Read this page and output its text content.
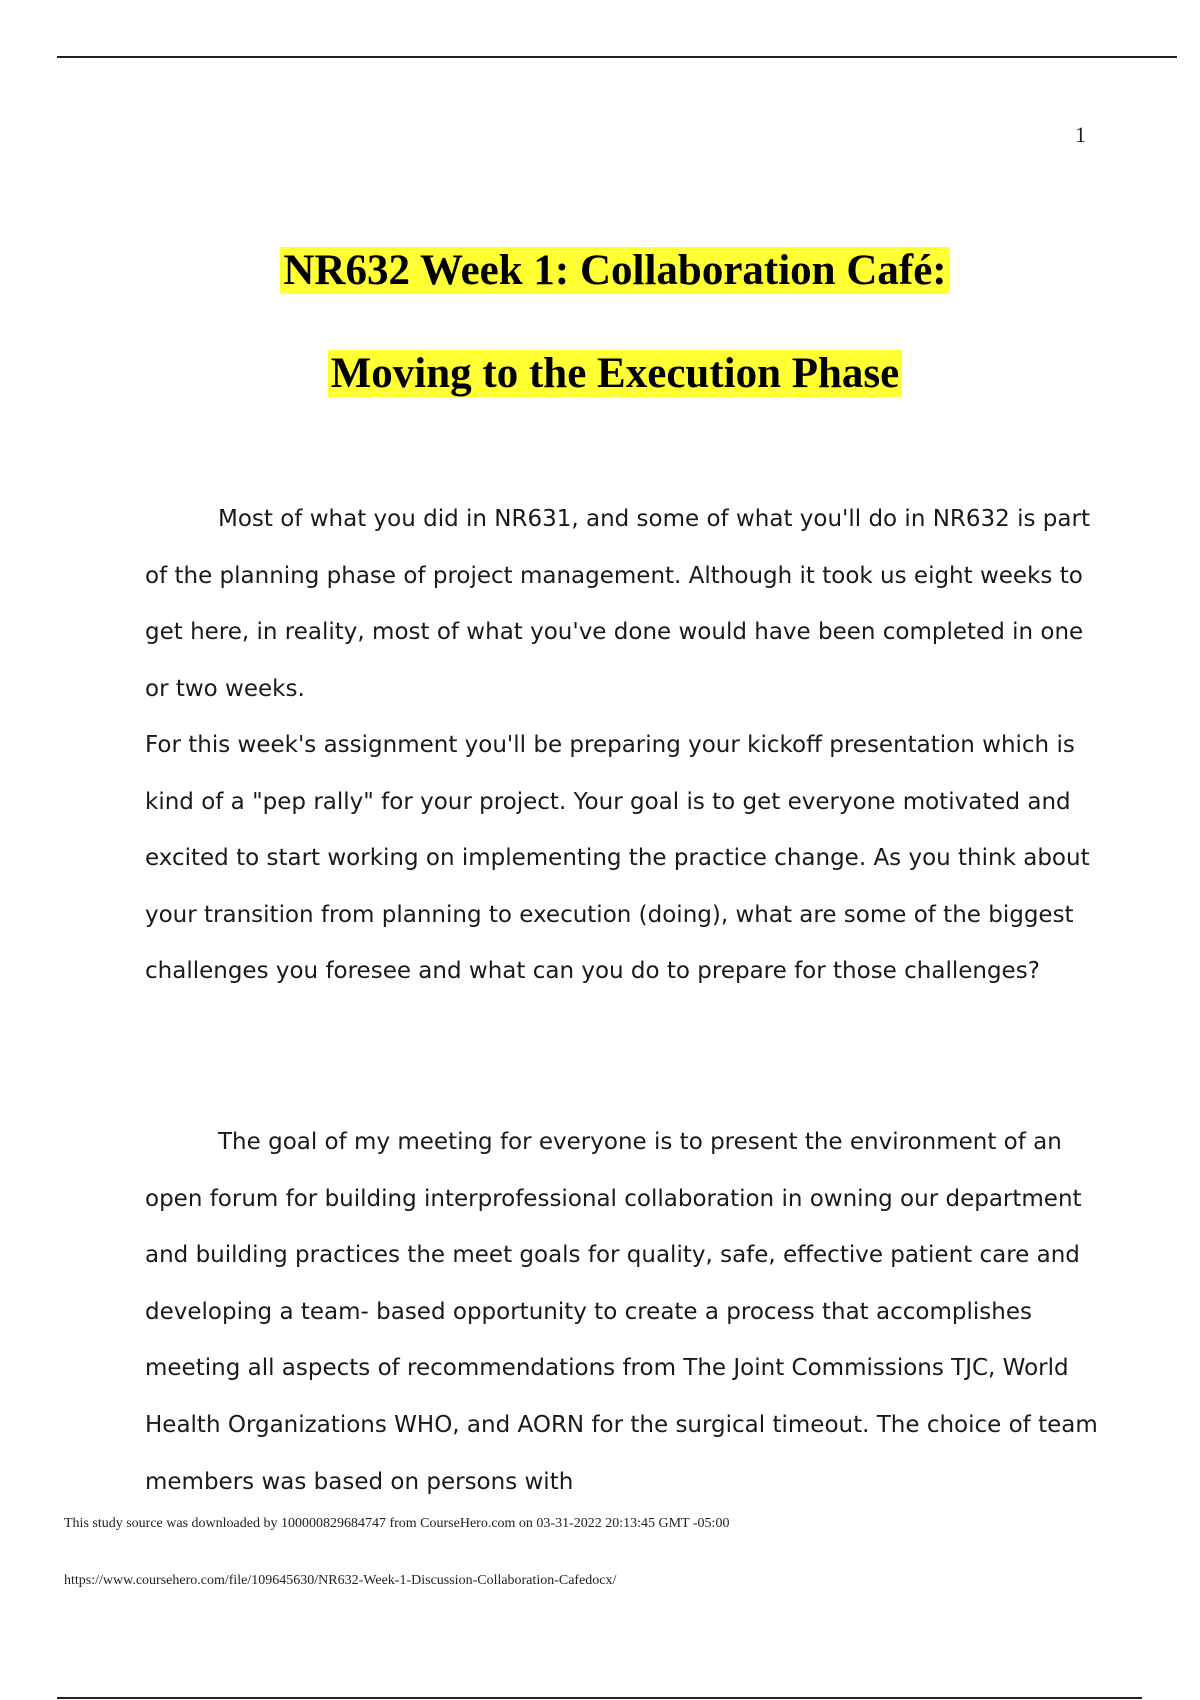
1
NR632 Week 1: Collaboration Café:
Moving to the Execution Phase

Most of what you did in NR631, and some of what you'll do in NR632 is part of the planning phase of project management. Although it took us eight weeks to get here, in reality, most of what you've done would have been completed in one or two weeks.

For this week's assignment you'll be preparing your kickoff presentation which is kind of a "pep rally" for your project. Your goal is to get everyone motivated and excited to start working on implementing the practice change. As you think about your transition from planning to execution (doing), what are some of the biggest challenges you foresee and what can you do to prepare for those challenges?

The goal of my meeting for everyone is to present the environment of an open forum for building interprofessional collaboration in owning our department and building practices the meet goals for quality, safe, effective patient care and developing a team- based opportunity to create a process that accomplishes meeting all aspects of recommendations from The Joint Commissions TJC, World Health Organizations WHO, and AORN for the surgical timeout. The choice of team members was based on persons with

This study source was downloaded by 100000829684747 from CourseHero.com on 03-31-2022 20:13:45 GMT -05:00
https://www.coursehero.com/file/109645630/NR632-Week-1-Discussion-Collaboration-Cafedocx/
